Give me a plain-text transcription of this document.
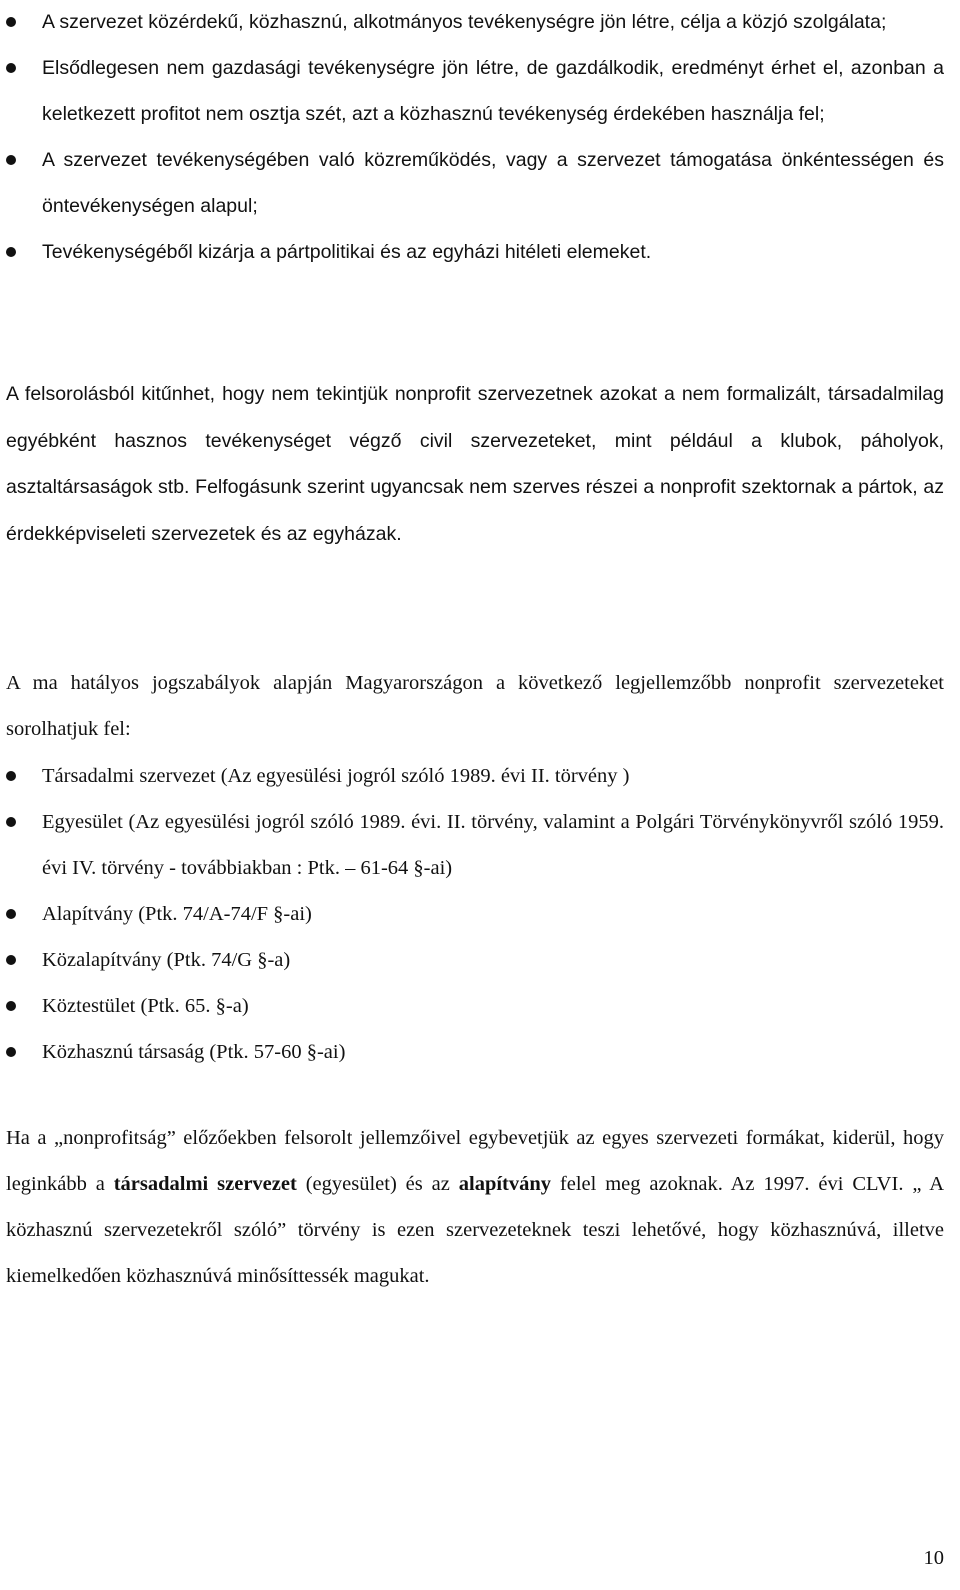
A szervezet közérdekű, közhasznú, alkotmányos tevékenységre jön létre, célja a közjó szolgálata;
Elsődlegesen nem gazdasági tevékenységre jön létre, de gazdálkodik, eredményt érhet el, azonban a keletkezett profitot nem osztja szét, azt a közhasznú tevékenység érdekében használja fel;
A szervezet tevékenységében való közreműködés, vagy a szervezet támogatása önkéntességen és öntevékenységen alapul;
Tevékenységéből kizárja a pártpolitikai és az egyházi hitéleti elemeket.

A felsorolásból kitűnhet, hogy nem tekintjük nonprofit szervezetnek azokat a nem formalizált, társadalmilag egyébként hasznos tevékenységet végző civil szervezeteket, mint például a klubok, páholyok, asztaltársaságok stb. Felfogásunk szerint ugyancsak nem szerves részei a nonprofit szektornak a pártok, az érdekképviseleti szervezetek és az egyházak.

A ma hatályos jogszabályok alapján Magyarországon a következő legjellemzőbb nonprofit szervezeteket sorolhatjuk fel:

Társadalmi szervezet (Az egyesülési jogról szóló 1989. évi II. törvény )
Egyesület (Az egyesülési jogról szóló 1989. évi. II. törvény, valamint a Polgári Törvénykönyvről szóló 1959. évi IV. törvény - továbbiakban : Ptk. – 61-64 §-ai)
Alapítvány (Ptk. 74/A-74/F §-ai)
Közalapítvány (Ptk. 74/G §-a)
Köztestület (Ptk. 65. §-a)
Közhasznú társaság (Ptk. 57-60 §-ai)

Ha a „nonprofitság” előzőekben felsorolt jellemzőivel egybevetjük az egyes szervezeti formákat, kiderül, hogy leginkább a társadalmi szervezet (egyesület) és az alapítvány felel meg azoknak. Az 1997. évi CLVI. „ A közhasznú szervezetekről szóló” törvény is ezen szervezeteknek teszi lehetővé, hogy közhasznúvá, illetve kiemelkedően közhasznúvá minősíttessék magukat.

10
